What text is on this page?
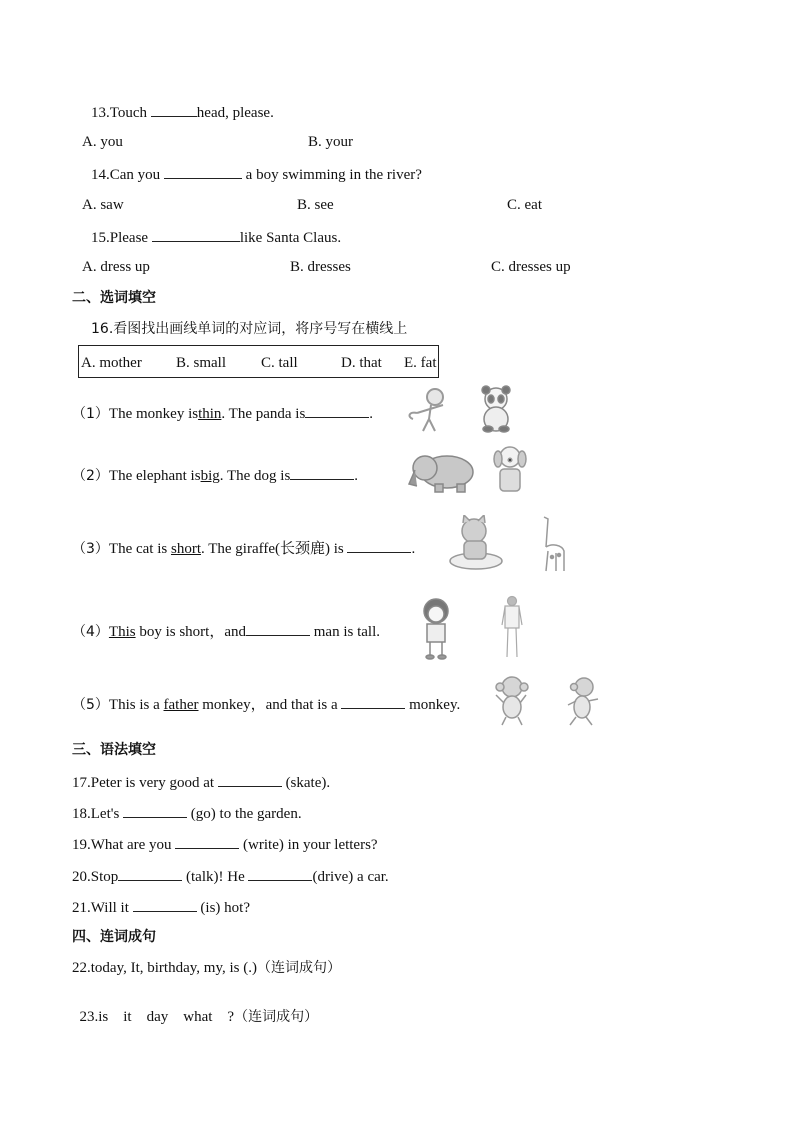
13.Touch	head, please.
A. you	B. your
14.Can you	a boy swimming in the river?
A. saw	B. see	C. eat
15.Please	like Santa Claus.
A. dress up	B. dresses	C. dresses up
二、选词填空
16.看图找出画线单词的对应词，将序号写在横线上
A. mother B. small C. tall	D. that E. fat
（1）The monkey isthin. The panda is	.
（2）The elephant isbig. The dog is	.
（3）The cat is short. The giraffe(长颈鹿) is	.
（4）This boy is short，and	man is tall.
（5）This is a father monkey，and that is a	monkey.
三、语法填空
17.Peter is very good at	(skate).
18.Let's	(go) to the garden.
19.What are you	(write) in your letters?
20.Stop	(talk)! He	(drive) a car.
21.Will it	(is) hot?
四、连词成句
22.today, It, birthday, my, is (.)（连词成句）

23.is    it    day    what    ?（连词成句）
